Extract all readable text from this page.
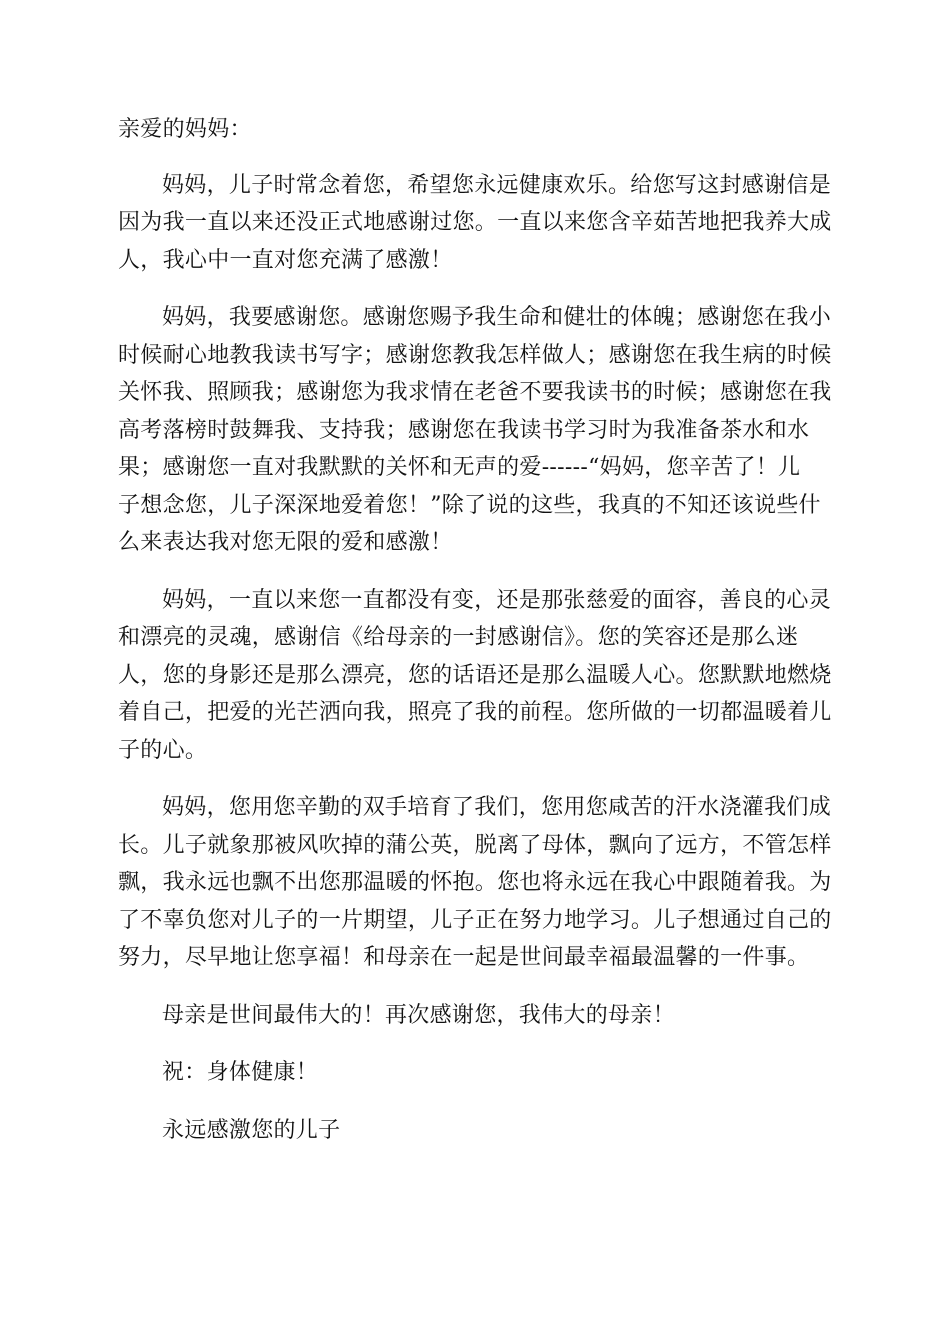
亲爱的妈妈：
妈妈，儿子时常念着您，希望您永远健康欢乐。给您写这封感谢信是
因为我一直以来还没正式地感谢过您。一直以来您含辛茹苦地把我养大成
人，我心中一直对您充满了感激！
妈妈，我要感谢您。感谢您赐予我生命和健壮的体魄；感谢您在我小
时候耐心地教我读书写字；感谢您教我怎样做人；感谢您在我生病的时候
关怀我、照顾我；感谢您为我求情在老爸不要我读书的时候；感谢您在我
高考落榜时鼓舞我、支持我；感谢您在我读书学习时为我准备茶水和水
果；感谢您一直对我默默的关怀和无声的爱------“妈妈，您辛苦了！儿
子想念您，儿子深深地爱着您！”除了说的这些，我真的不知还该说些什
么来表达我对您无限的爱和感激！
妈妈，一直以来您一直都没有变，还是那张慈爱的面容，善良的心灵
和漂亮的灵魂，感谢信《给母亲的一封感谢信》。您的笑容还是那么迷
人，您的身影还是那么漂亮，您的话语还是那么温暖人心。您默默地燃烧
着自己，把爱的光芒洒向我，照亮了我的前程。您所做的一切都温暖着儿
子的心。
妈妈，您用您辛勤的双手培育了我们，您用您咸苦的汗水浇灌我们成
长。儿子就象那被风吹掉的蒲公英，脱离了母体，飘向了远方，不管怎样
飘，我永远也飘不出您那温暖的怀抱。您也将永远在我心中跟随着我。为
了不辜负您对儿子的一片期望，儿子正在努力地学习。儿子想通过自己的
努力，尽早地让您享福！和母亲在一起是世间最幸福最温馨的一件事。
母亲是世间最伟大的！再次感谢您，我伟大的母亲！
祝：身体健康！
永远感激您的儿子
